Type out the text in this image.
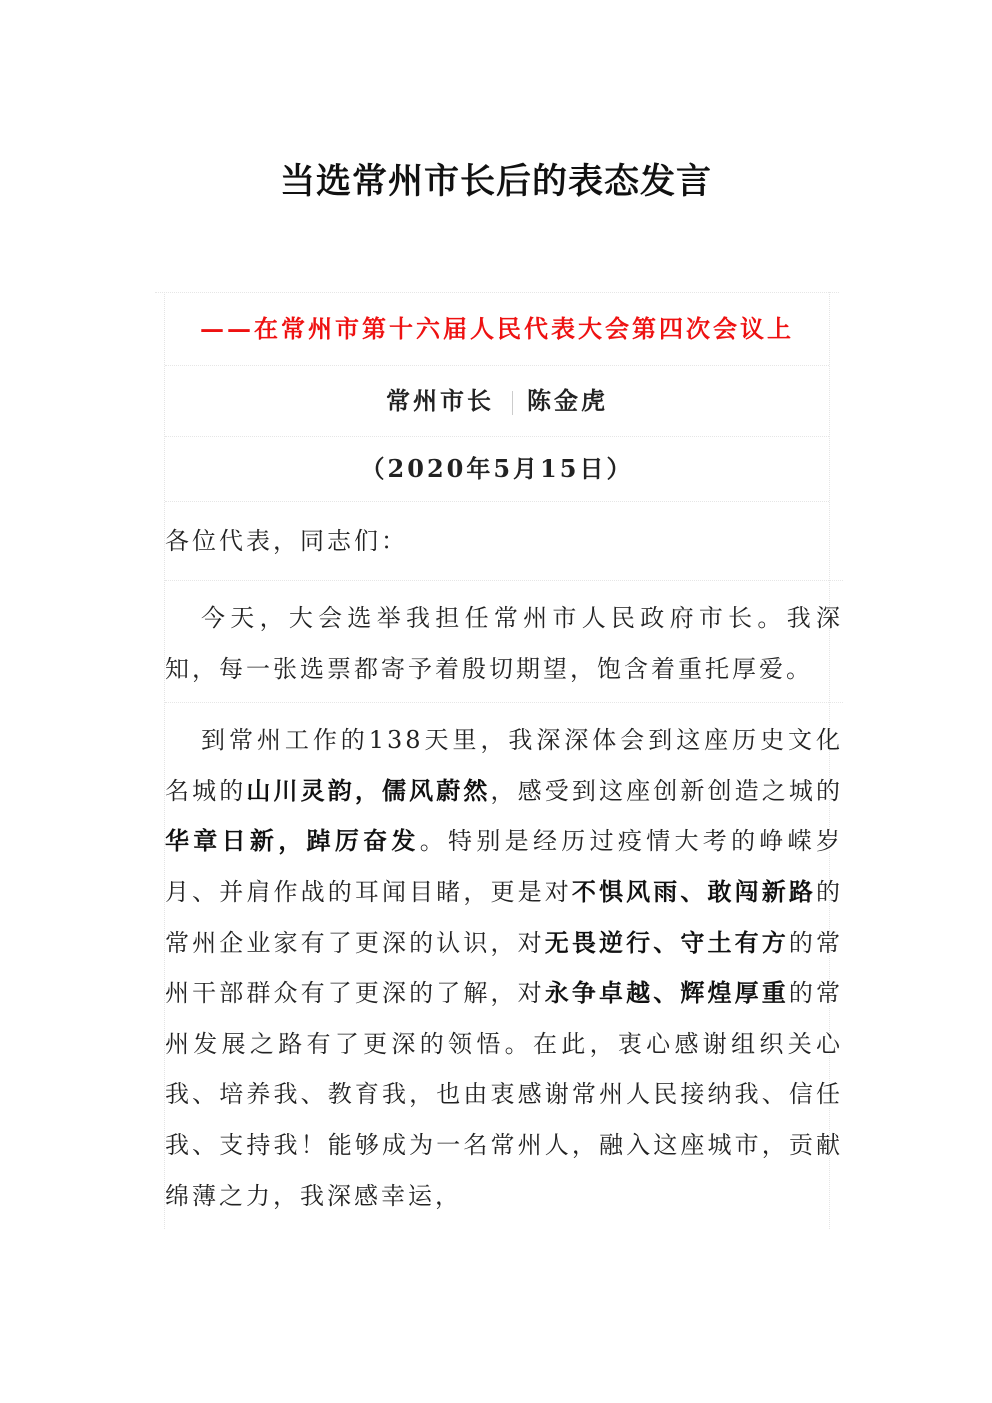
当选常州市长后的表态发言
——在常州市第十六届人民代表大会第四次会议上
常州市长 陈金虎
（2020年5月15日）
各位代表，同志们：
今天，大会选举我担任常州市人民政府市长。我深知，每一张选票都寄予着殷切期望，饱含着重托厚爱。
到常州工作的138天里，我深深体会到这座历史文化名城的山川灵韵，儒风蔚然，感受到这座创新创造之城的华章日新，踔厉奋发。特别是经历过疫情大考的峥嵘岁月、并肩作战的耳闻目睹，更是对不惧风雨、敢闯新路的常州企业家有了更深的认识，对无畏逆行、守土有方的常州干部群众有了更深的了解，对永争卓越、辉煌厚重的常州发展之路有了更深的领悟。在此，衷心感谢组织关心我、培养我、教育我，也由衷感谢常州人民接纳我、信任我、支持我！能够成为一名常州人，融入这座城市，贡献绵薄之力，我深感幸运，
